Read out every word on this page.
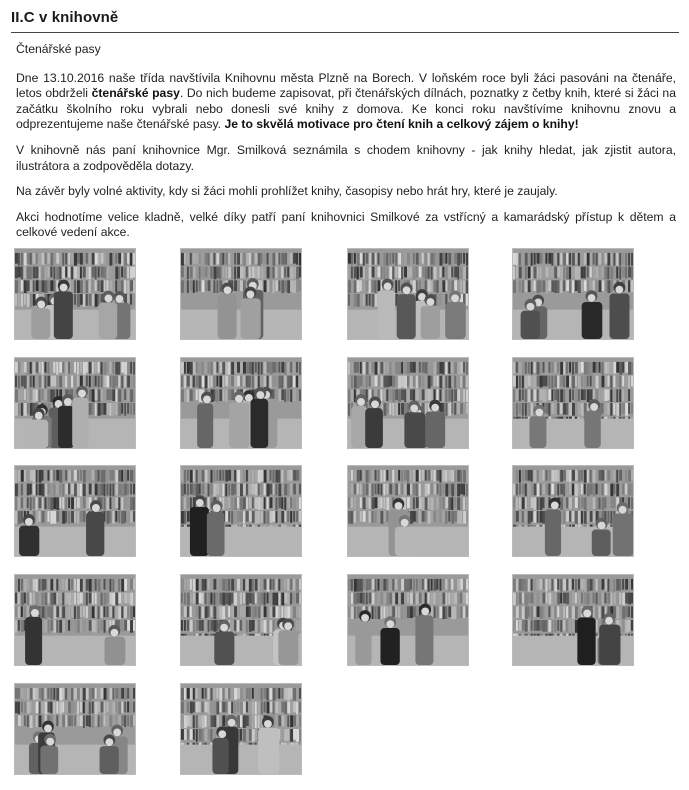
II.C v knihovně

Čtenářské pasy

Dne 13.10.2016 naše třída navštívila Knihovnu města Plzně na Borech. V loňském roce byli žáci pasováni na čtenáře, letos obdrželi čtenářské pasy. Do nich budeme zapisovat, při čtenářských dílnách, poznatky z četby knih, které si žáci na začátku školního roku vybrali nebo donesli své knihy z domova. Ke konci roku navštívíme knihovnu znovu a odprezentujeme naše čtenářské pasy. Je to skvělá motivace pro čtení knih a celkový zájem o knihy!

V knihovně nás paní knihovnice Mgr. Smilková seznámila s chodem knihovny - jak knihy hledat, jak zjistit autora, ilustrátora a zodpověděla dotazy.

Na závěr byly volné aktivity, kdy si žáci mohli prohlížet knihy, časopisy nebo hrát hry, které je zaujaly.

Akci hodnotíme velice kladně, velké díky patří paní knihovnici Smilkové za vstřícný a kamarádský přístup k dětem a celkové vedení akce.
